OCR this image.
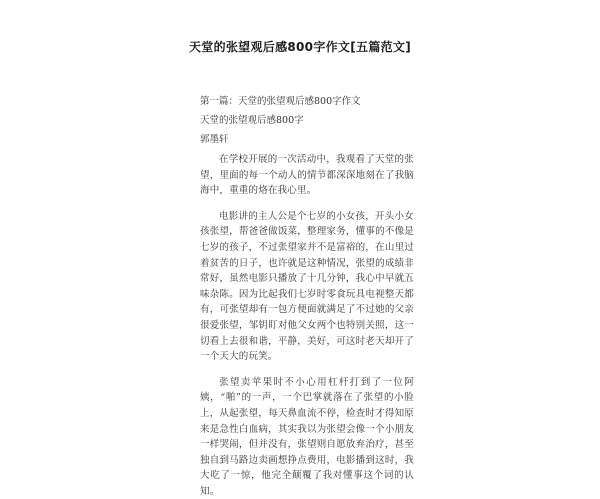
天堂的张望观后感800字作文[五篇范文]
第一篇：天堂的张望观后感800字作文
天堂的张望观后感800字
郭墨轩

在学校开展的一次活动中，我观看了天堂的张望，里面的每一个动人的情节都深深地刻在了我脑海中，重重的烙在我心里。

电影讲的主人公是个七岁的小女孩，开头小女孩张望，帮爸爸做饭菜，整理家务，懂事的不像是七岁的孩子，不过张望家并不是富裕的，在山里过着贫苦的日子，也许就是这种情况，张望的成绩非常好，虽然电影只播放了十几分钟，我心中早就五味杂陈。因为比起我们七岁时零食玩具电视整天都有，可张望却有一包方便面就满足了不过她的父亲很爱张望，邹钥盯对他父女两个也特别关照，这一切看上去很和谐，平静，美好，可这时老天却开了一个天大的玩笑。

张望卖苹果时不小心用杠杆打到了一位阿姨，“啪”的一声，一个巴掌就落在了张望的小脸上，从起张望，每天鼻血流不停，检查时才得知原来是急性白血病，其实我以为张望会像一个小朋友一样哭闹，但并没有，张望则自愿放弃治疗，甚至独自到马路边卖画想挣点费用，电影播到这时，我大吃了一惊，他完全颠覆了我对懂事这个词的认知。
